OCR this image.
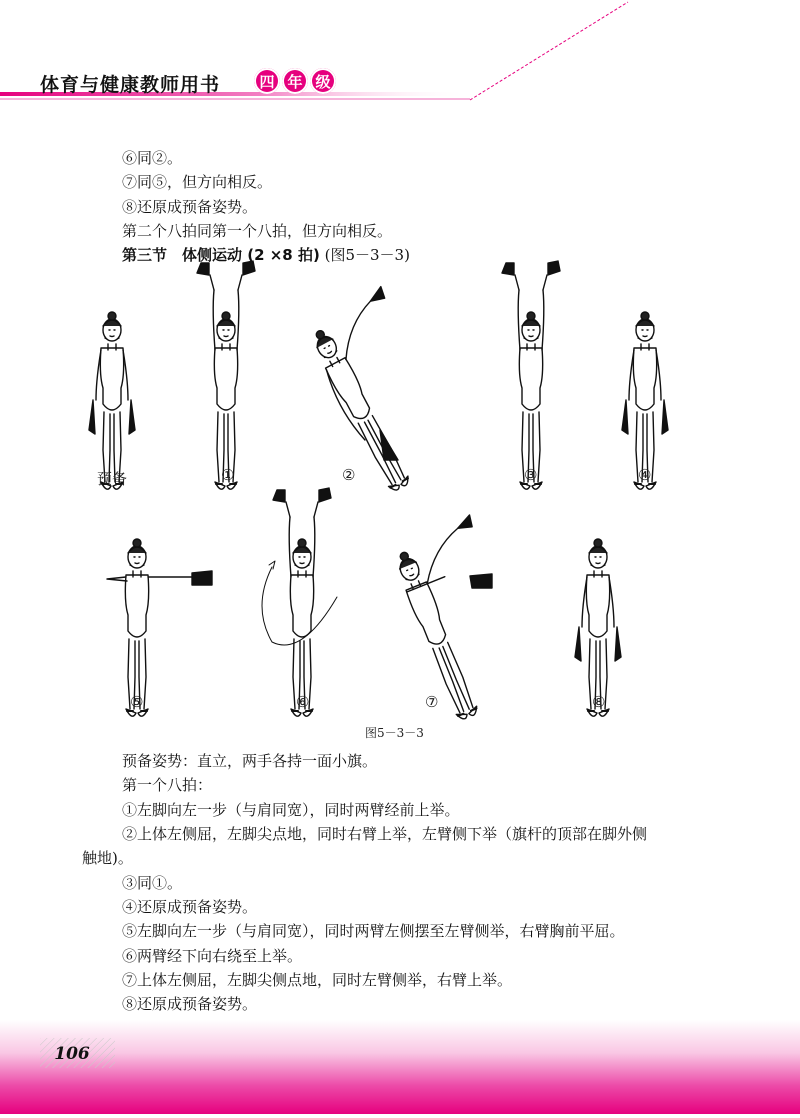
体育与健康教师用书	四 年 级
⑥同②。
⑦同⑤，但方向相反。
⑧还原成预备姿势。
第二个八拍同第一个八拍，但方向相反。
第三节　体侧运动 (2 ×8 拍) (图5－3－3)
预备	①	②	③	④
⑤	⑥	⑦	⑧
图5－3－3
预备姿势：直立，两手各持一面小旗。
第一个八拍：
①左脚向左一步（与肩同宽），同时两臂经前上举。
②上体左侧屈，左脚尖点地，同时右臂上举，左臂侧下举（旗杆的顶部在脚外侧
触地)。
③同①。
④还原成预备姿势。
⑤左脚向左一步（与肩同宽），同时两臂左侧摆至左臂侧举，右臂胸前平屈。
⑥两臂经下向右绕至上举。
⑦上体左侧屈，左脚尖侧点地，同时左臂侧举，右臂上举。
⑧还原成预备姿势。
106
